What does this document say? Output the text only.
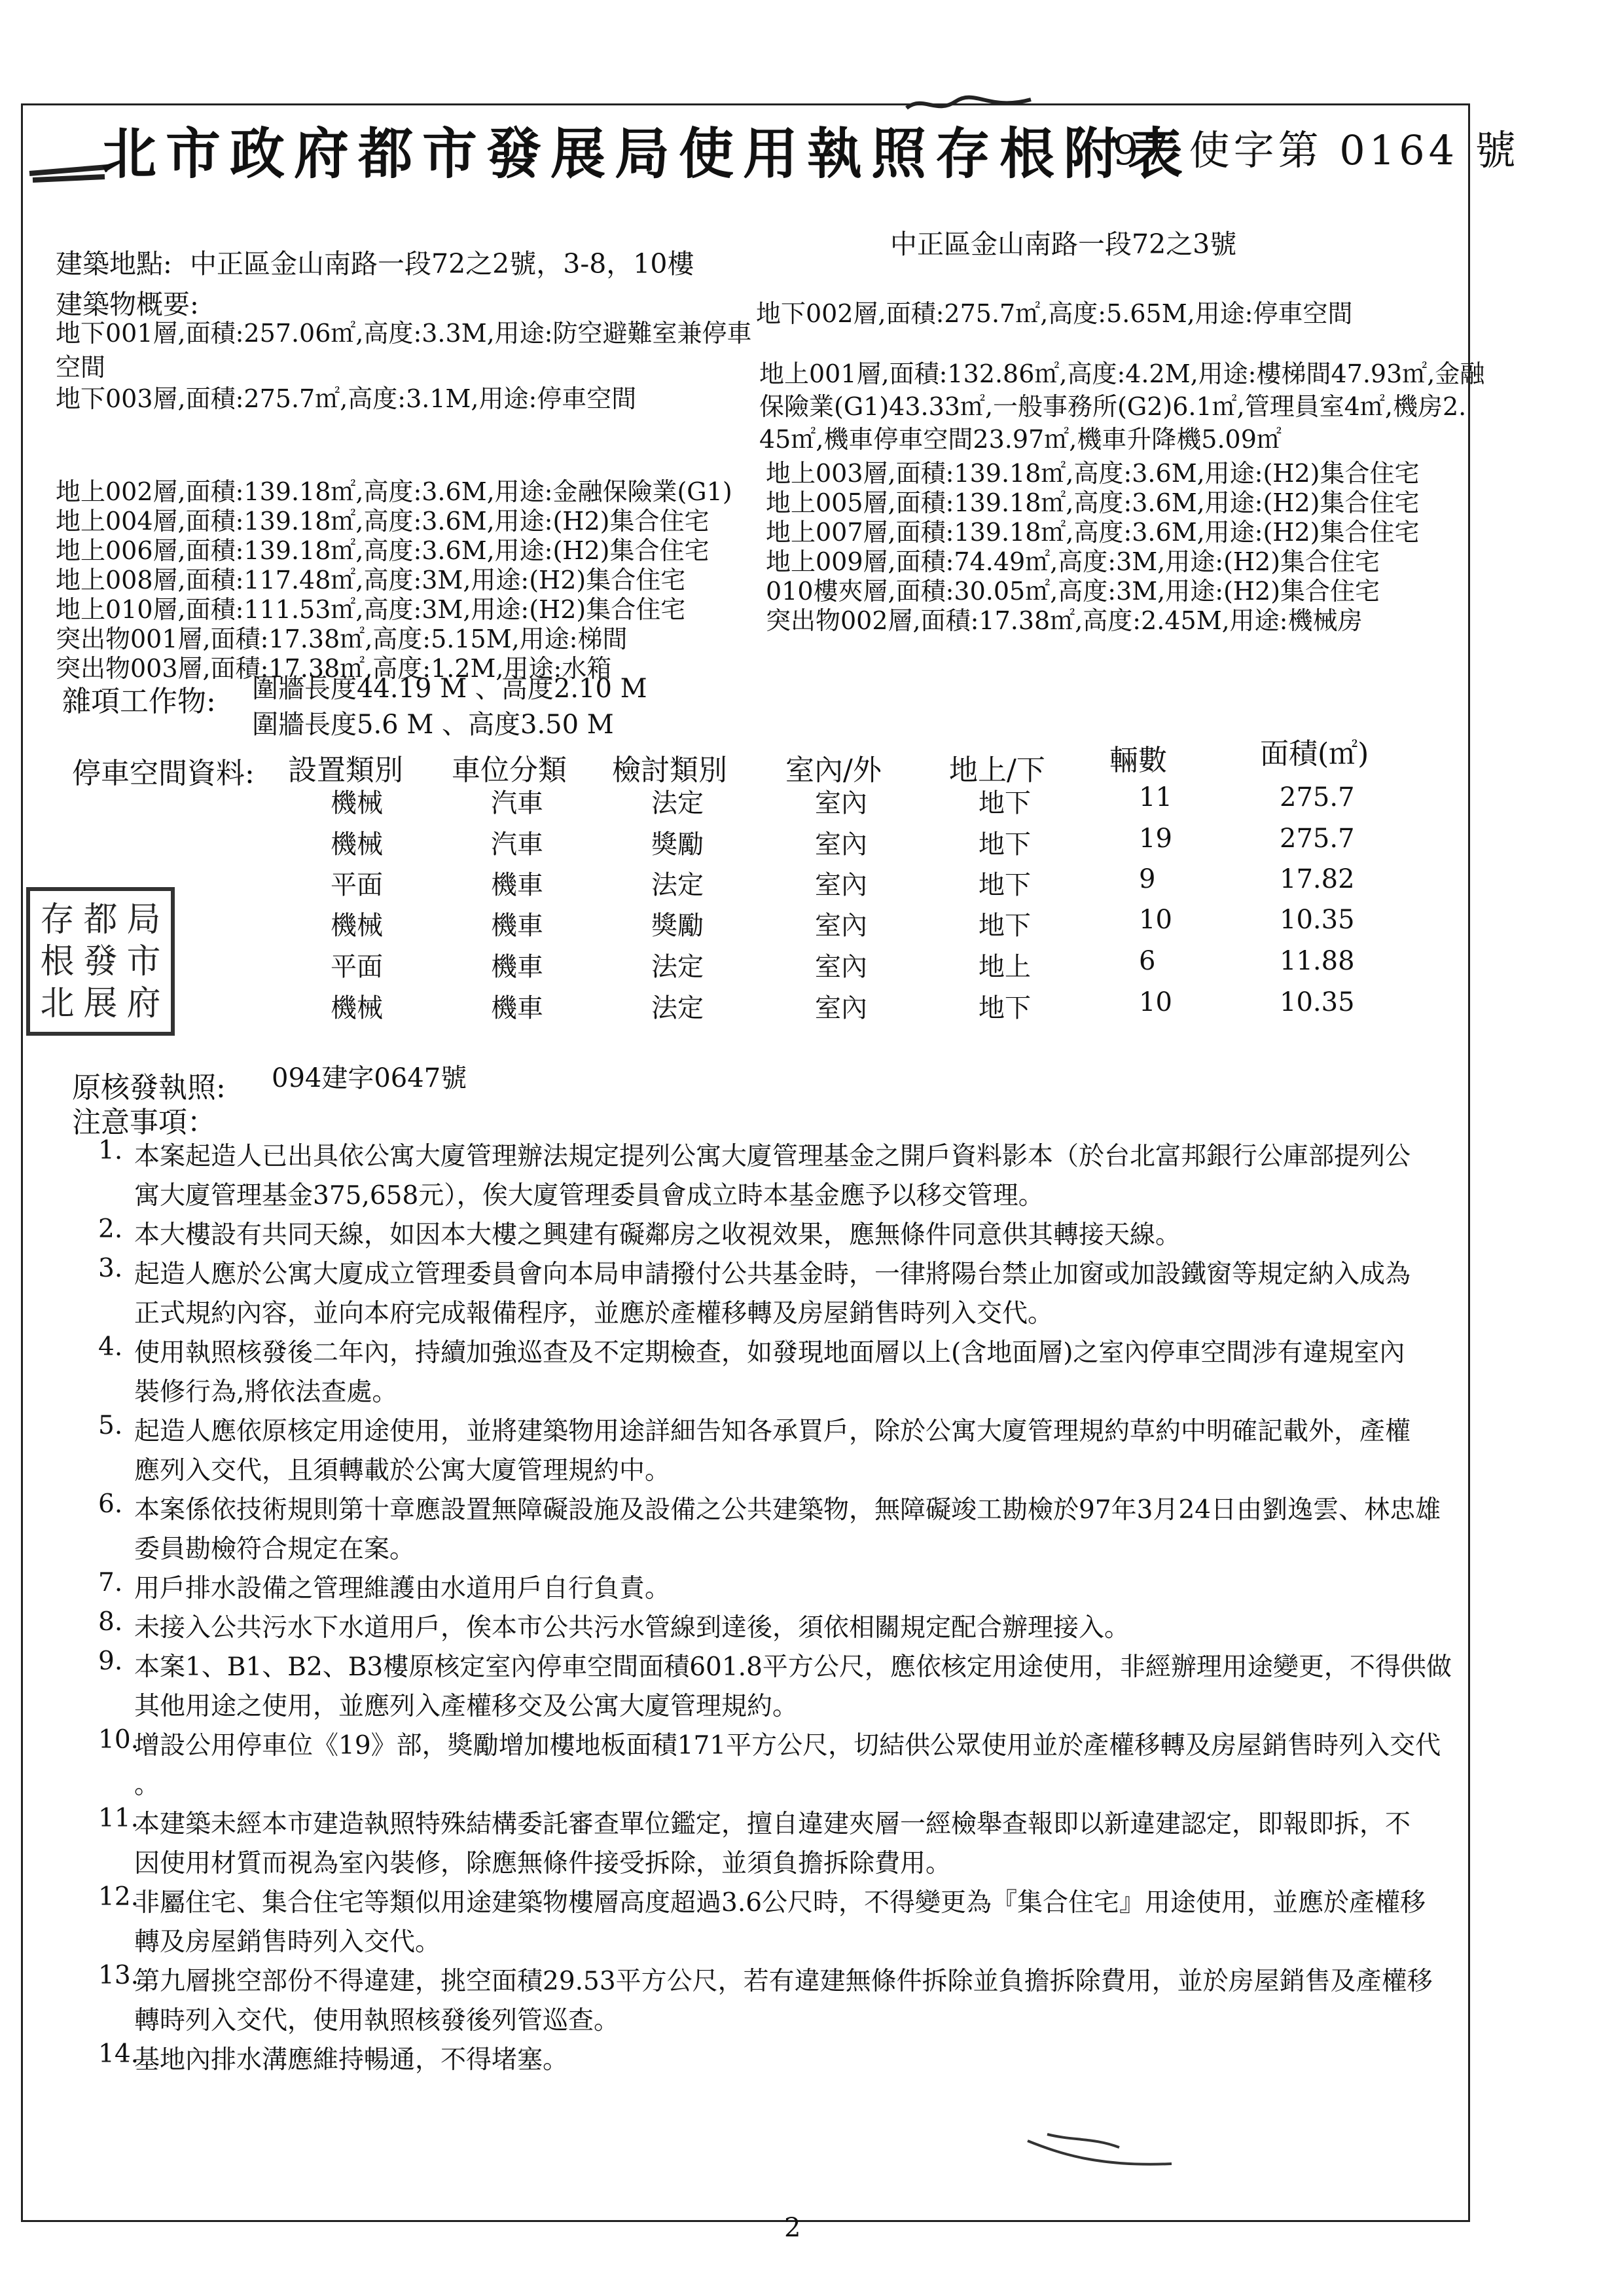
北市政府都市發展局使用執照存根附表
97 使字第 0164 號
建築地點: 中正區金山南路一段72之2號，3-8，10樓
中正區金山南路一段72之3號
建築物概要:
地下001層,面積:257.06㎡,高度:3.3M,用途:防空避難室兼停車
空間
地下003層,面積:275.7㎡,高度:3.1M,用途:停車空間
地上002層,面積:139.18㎡,高度:3.6M,用途:金融保險業(G1)
地上004層,面積:139.18㎡,高度:3.6M,用途:(H2)集合住宅
地上006層,面積:139.18㎡,高度:3.6M,用途:(H2)集合住宅
地上008層,面積:117.48㎡,高度:3M,用途:(H2)集合住宅
地上010層,面積:111.53㎡,高度:3M,用途:(H2)集合住宅
突出物001層,面積:17.38㎡,高度:5.15M,用途:梯間
突出物003層,面積:17.38㎡,高度:1.2M,用途:水箱
地下002層,面積:275.7㎡,高度:5.65M,用途:停車空間
地上001層,面積:132.86㎡,高度:4.2M,用途:樓梯間47.93㎡,金融
保險業(G1)43.33㎡,一般事務所(G2)6.1㎡,管理員室4㎡,機房2.
45㎡,機車停車空間23.97㎡,機車升降機5.09㎡
地上003層,面積:139.18㎡,高度:3.6M,用途:(H2)集合住宅
地上005層,面積:139.18㎡,高度:3.6M,用途:(H2)集合住宅
地上007層,面積:139.18㎡,高度:3.6M,用途:(H2)集合住宅
地上009層,面積:74.49㎡,高度:3M,用途:(H2)集合住宅
010樓夾層,面積:30.05㎡,高度:3M,用途:(H2)集合住宅
突出物002層,面積:17.38㎡,高度:2.45M,用途:機械房
雜項工作物: 圍牆長度44.19 M 、高度2.10 M
圍牆長度5.6 M 、高度3.50 M
停車空間資料: 設置類別 車位分類 檢討類別 室內/外 地上/下 輛數	面積(㎡)
機械	汽車	法定	室內	地下	11	275.7
機械	汽車	獎勵	室內	地下	19	275.7
平面	機車	法定	室內	地下	9	17.82
機械	機車	獎勵	室內	地下	10	10.35
平面	機車	法定	室內	地上	6	11.88
機械	機車	法定	室內	地下	10	10.35
存 都 局
根 發 市
北 展 府
原核發執照: 094建字0647號
注意事項：
1. 本案起造人已出具依公寓大廈管理辦法規定提列公寓大廈管理基金之開戶資料影本（於台北富邦銀行公庫部提列公
寓大廈管理基金375,658元），俟大廈管理委員會成立時本基金應予以移交管理。
2. 本大樓設有共同天線，如因本大樓之興建有礙鄰房之收視效果，應無條件同意供其轉接天線。
3. 起造人應於公寓大廈成立管理委員會向本局申請撥付公共基金時，一律將陽台禁止加窗或加設鐵窗等規定納入成為
正式規約內容，並向本府完成報備程序，並應於產權移轉及房屋銷售時列入交代。
4. 使用執照核發後二年內，持續加強巡查及不定期檢查，如發現地面層以上(含地面層)之室內停車空間涉有違規室內
裝修行為,將依法查處。
5. 起造人應依原核定用途使用，並將建築物用途詳細告知各承買戶，除於公寓大廈管理規約草約中明確記載外，產權
應列入交代，且須轉載於公寓大廈管理規約中。
6. 本案係依技術規則第十章應設置無障礙設施及設備之公共建築物，無障礙竣工勘檢於97年3月24日由劉逸雲、林忠雄
委員勘檢符合規定在案。
7. 用戶排水設備之管理維護由水道用戶自行負責。
8. 未接入公共污水下水道用戶，俟本市公共污水管線到達後，須依相關規定配合辦理接入。
9. 本案1、B1、B2、B3樓原核定室內停車空間面積601.8平方公尺，應依核定用途使用，非經辦理用途變更，不得供做
其他用途之使用，並應列入產權移交及公寓大廈管理規約。
10.
增設公用停車位《19》部，獎勵增加樓地板面積171平方公尺，切結供公眾使用並於產權移轉及房屋銷售時列入交代
。
11.
本建築未經本市建造執照特殊結構委託審查單位鑑定，擅自違建夾層一經檢舉查報即以新違建認定，即報即拆，不
因使用材質而視為室內裝修，除應無條件接受拆除，並須負擔拆除費用。
12.
非屬住宅、集合住宅等類似用途建築物樓層高度超過3.6公尺時，不得變更為『集合住宅』用途使用，並應於產權移
轉及房屋銷售時列入交代。
13.
第九層挑空部份不得違建，挑空面積29.53平方公尺，若有違建無條件拆除並負擔拆除費用，並於房屋銷售及產權移
轉時列入交代，使用執照核發後列管巡查。
14.
基地內排水溝應維持暢通，不得堵塞。
2
